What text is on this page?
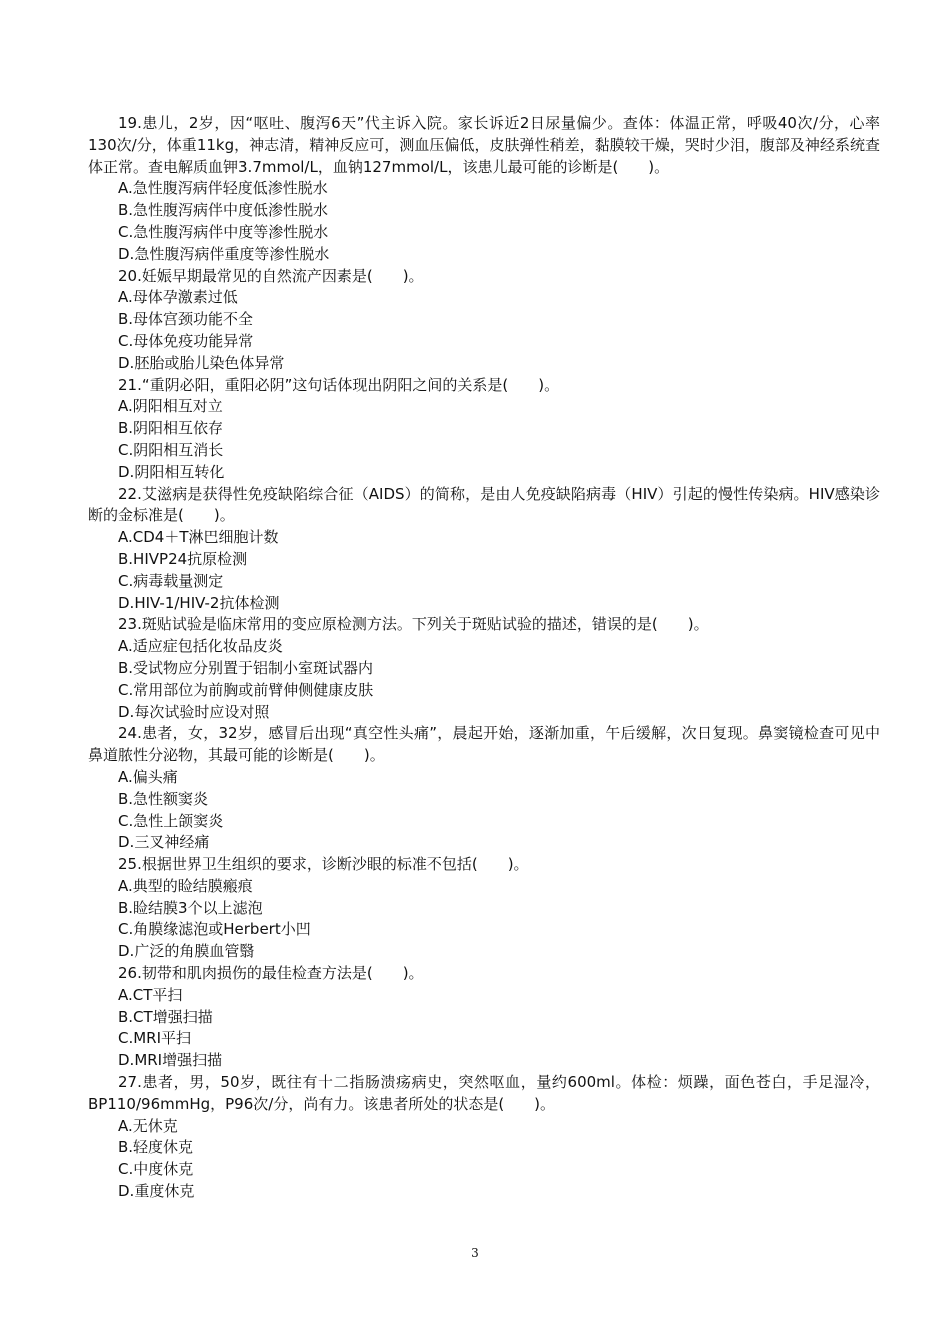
19.患儿，2岁，因“呕吐、腹泻6天”代主诉入院。家长诉近2日尿量偏少。查体：体温正常，呼吸40次/分，心率130次/分，体重11kg，神志清，精神反应可，测血压偏低，皮肤弹性稍差，黏膜较干燥，哭时少泪，腹部及神经系统查体正常。查电解质血钾3.7mmol/L，血钠127mmol/L，该患儿最可能的诊断是(　　)。

A.急性腹泻病伴轻度低渗性脱水

B.急性腹泻病伴中度低渗性脱水

C.急性腹泻病伴中度等渗性脱水

D.急性腹泻病伴重度等渗性脱水

20.妊娠早期最常见的自然流产因素是(　　)。

A.母体孕激素过低

B.母体宫颈功能不全

C.母体免疫功能异常

D.胚胎或胎儿染色体异常

21.“重阴必阳，重阳必阴”这句话体现出阴阳之间的关系是(　　)。

A.阴阳相互对立

B.阴阳相互依存

C.阴阳相互消长

D.阴阳相互转化

22.艾滋病是获得性免疫缺陷综合征（AIDS）的简称，是由人免疫缺陷病毒（HIV）引起的慢性传染病。HIV感染诊断的金标准是(　　)。

A.CD4＋T淋巴细胞计数

B.HIVP24抗原检测

C.病毒载量测定

D.HIV-1/HIV-2抗体检测

23.斑贴试验是临床常用的变应原检测方法。下列关于斑贴试验的描述，错误的是(　　)。

A.适应症包括化妆品皮炎

B.受试物应分别置于铝制小室斑试器内

C.常用部位为前胸或前臂伸侧健康皮肤

D.每次试验时应设对照

24.患者，女，32岁，感冒后出现“真空性头痛”，晨起开始，逐渐加重，午后缓解，次日复现。鼻窦镜检查可见中鼻道脓性分泌物，其最可能的诊断是(　　)。

A.偏头痛

B.急性额窦炎

C.急性上颌窦炎

D.三叉神经痛

25.根据世界卫生组织的要求，诊断沙眼的标准不包括(　　)。

A.典型的睑结膜瘢痕

B.睑结膜3个以上滤泡

C.角膜缘滤泡或Herbert小凹

D.广泛的角膜血管翳

26.韧带和肌肉损伤的最佳检查方法是(　　)。

A.CT平扫

B.CT增强扫描

C.MRI平扫

D.MRI增强扫描

27.患者，男，50岁，既往有十二指肠溃疡病史，突然呕血，量约600ml。体检：烦躁，面色苍白，手足湿冷，BP110/96mmHg，P96次/分，尚有力。该患者所处的状态是(　　)。

A.无休克

B.轻度休克

C.中度休克

D.重度休克

3
